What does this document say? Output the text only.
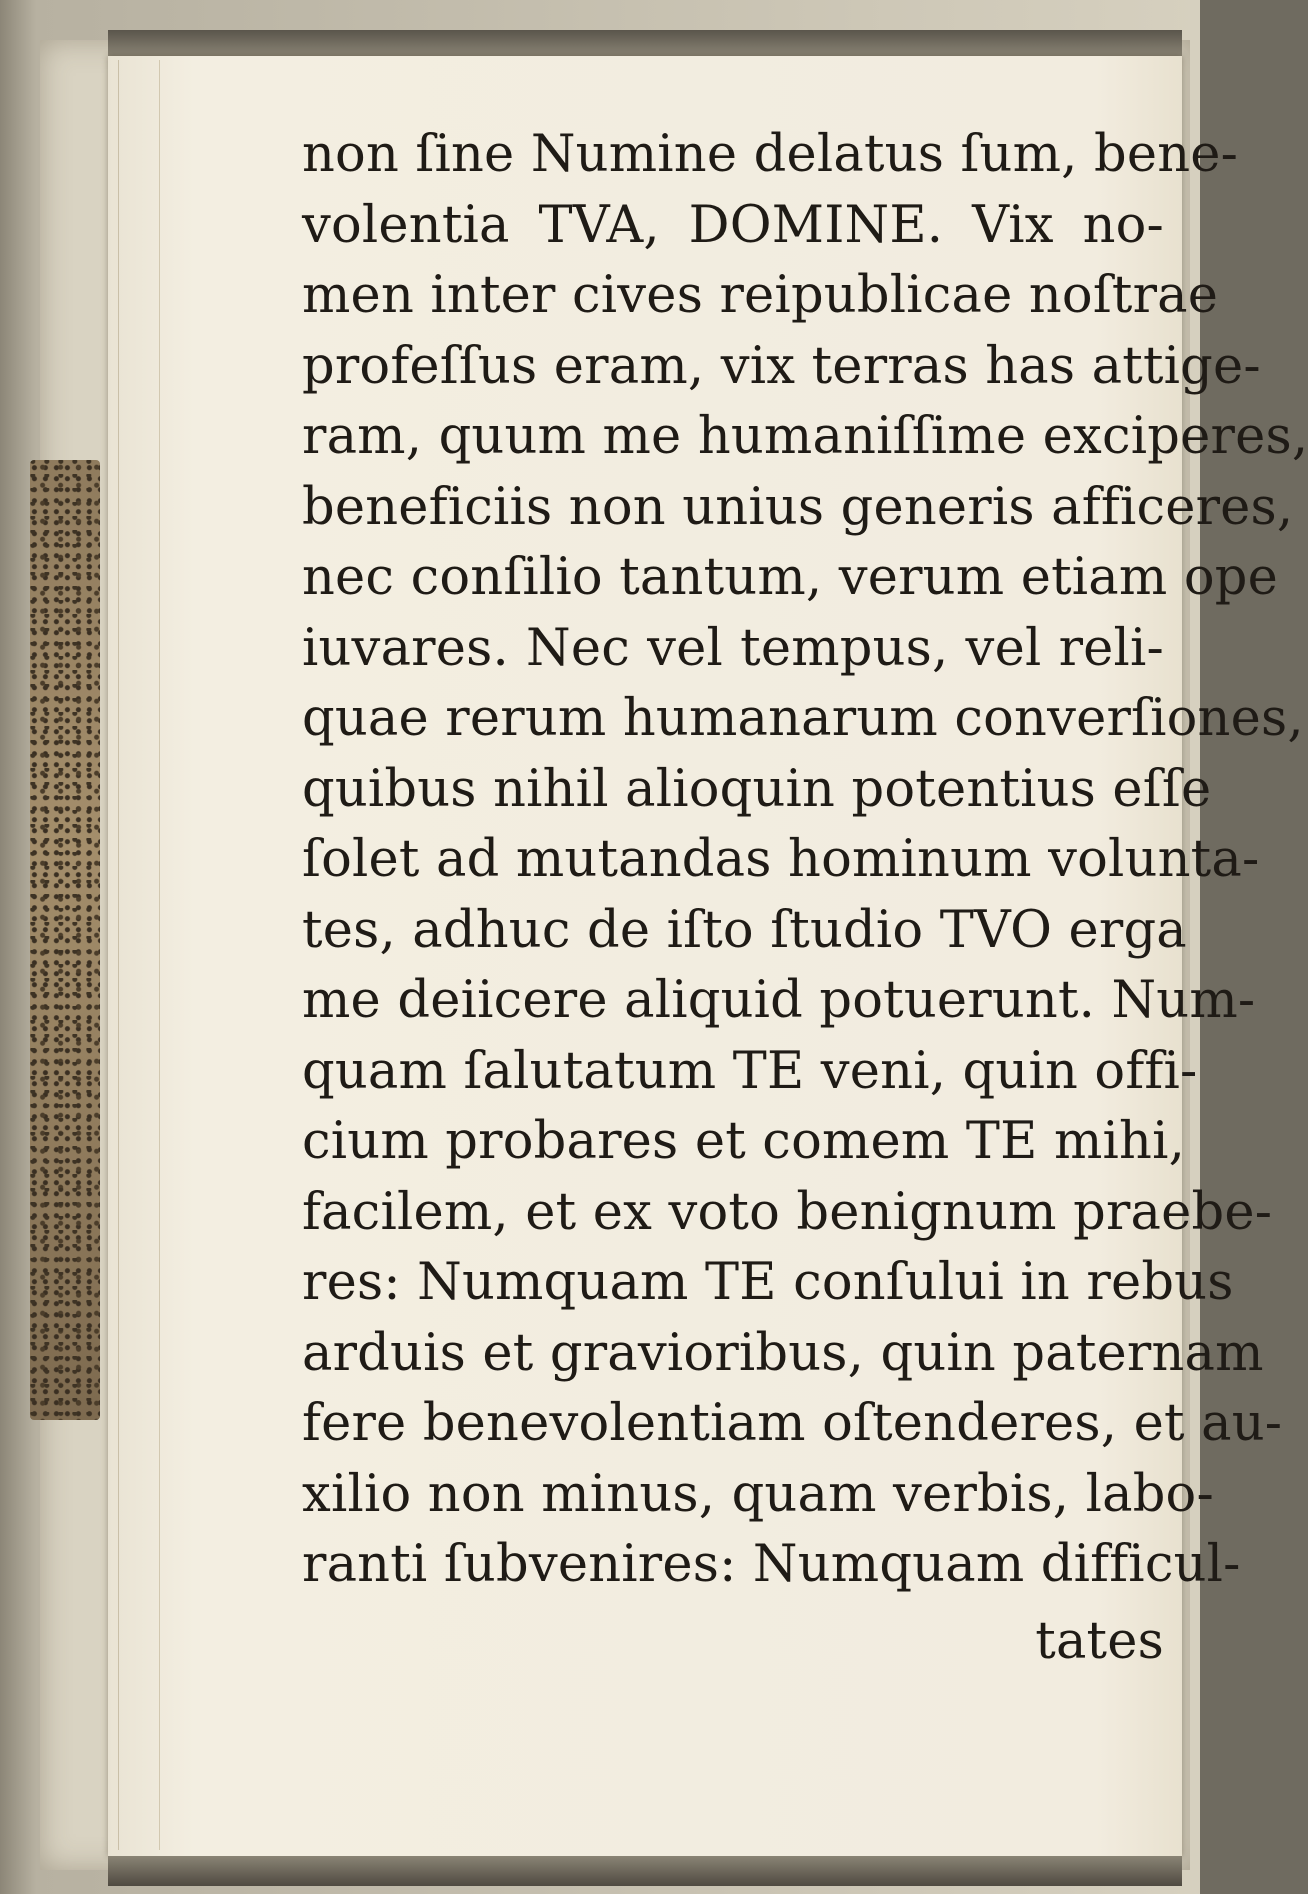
non ſine Numine delatus ſum, bene-
volentia TVA, DOMINE. Vix no-
men inter cives reipublicae noſtrae
profeſſus eram, vix terras has attige-
ram, quum me humaniſſime exciperes,
beneficiis non unius generis afficeres,
nec conſilio tantum, verum etiam ope
iuvares. Nec vel tempus, vel reli-
quae rerum humanarum converſiones,
quibus nihil alioquin potentius eſſe
ſolet ad mutandas hominum volunta-
tes, adhuc de iſto ſtudio TVO erga
me deiicere aliquid potuerunt. Num-
quam ſalutatum TE veni, quin offi-
cium probares et comem TE mihi,
facilem, et ex voto benignum praebe-
res: Numquam TE conſului in rebus
arduis et gravioribus, quin paternam
fere benevolentiam oſtenderes, et au-
xilio non minus, quam verbis, labo-
ranti ſubvenires: Numquam difficul-
tates
